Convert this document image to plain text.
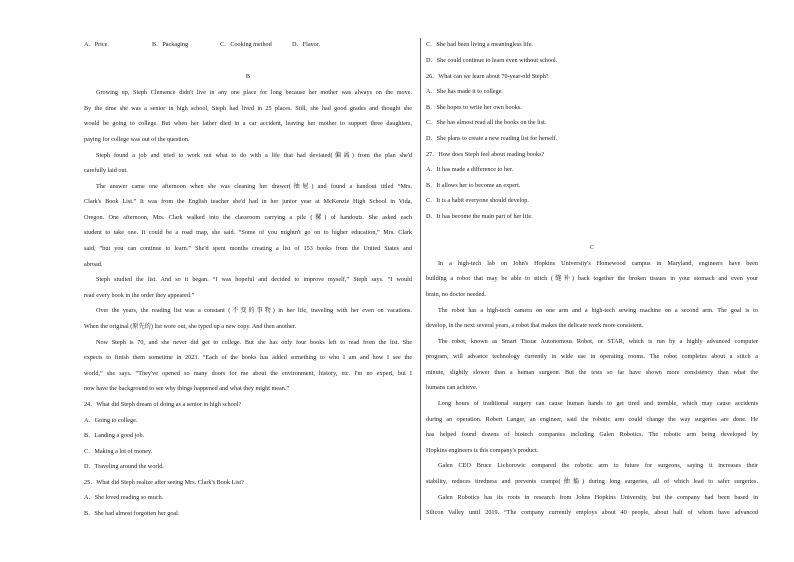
A．Price.	B．Packaging	C．Cooking method	D．Flavor.
B
Growing up, Steph Clemence didn't live in any one place for long because her mother was always on the move.
By the time she was a senior in high school, Steph had lived in 25 places. Still, she had good grades and thought she
would be going to college. But when her father died in a car accident, leaving her mother to support three daughters,
paying for college was out of the question.
Steph found a job and tried to work out what to do with a life that had deviated(偏离) from the plan she'd
carefully laid out.
The answer came one afternoon when she was cleaning her drawer(抽屉) and found a handout titled “Mrs.
Clark's Book List.” It was from the English teacher she'd had in her junior year at McKenzie High School in Vida,
Oregon. One afternoon, Mrs. Clark walked into the classroom carrying a pile (摞) of handouts. She asked each
student to take one. It could be a road map, she said. “Some of you mightn't go on to higher education,” Mrs. Clark
said, “but you can continue to learn.” She'd spent months creating a list of 153 books from the United States and
abroad.
Steph studied the list. And so it began. “I was hopeful and decided to improve myself,” Steph says. “I would
read every book in the order they appeared.”
Over the years, the reading list was a constant (不变的事物) in her life, traveling with her even on vacations.
When the original (原先的) list wore out, she typed up a new copy. And then another.
Now Steph is 70, and she never did get to college. But she has only four books left to read from the list. She
expects to finish them sometime in 2023. “Each of the books has added something to who I am and how I see the
world,” she says. “They've opened so many doors for me about the environment, history, etc. I'm no expert, but I
now have the background to see why things happened and what they might mean.”
24．What did Steph dream of doing as a senior in high school?
A．Going to college.
B．Landing a good job.
C．Making a lot of money.
D．Traveling around the world.
25．What did Steph realize after seeing Mrs. Clark's Book List?
A．She loved reading so much.
B．She had almost forgotten her goal.
C．She had been living a meaningless life.
D．She could continue to learn even without school.
26．What can we learn about 70-year-old Steph?
A．She has made it to college.
B．She hopes to write her own books.
C．She has almost read all the books on the list.
D．She plans to create a new reading list for herself.
27．How does Steph feel about reading books?
A．It has made a difference to her.
B．It allows her to become an expert.
C．It is a habit everyone should develop.
D．It has become the main part of her life.
C
In a high-tech lab on John's Hopkins University's Homewood campus in Maryland, engineers have been
building a robot that may be able to stitch (缝补) back together the broken tissues in your stomach and even your
brain, no doctor needed.
The robot has a high-tech camera on one arm and a high-tech sewing machine on a second arm. The goal is to
develop, in the next several years, a robot that makes the delicate work more consistent.
The robot, known as Smart Tissue Autonomous Robot, or STAR, which is run by a highly advanced computer
program, will advance technology currently in wide use in operating rooms. The robot completes about a stitch a
minute, slightly slower than a human surgeon. But the tests so far have shown more consistency than what the
humans can achieve.
Long hours of traditional surgery can cause human hands to get tired and tremble, which may cause accidents
during an operation. Robert Langer, an engineer, said the robotic arm could change the way surgeries are done. He
has helped found dozens of biotech companies including Galen Robotics. The robotic arm being developed by
Hopkins engineers is this company's product.
Galen CEO Bruce Lichorowic compared the robotic arm to future for surgeons, saying it increases their
stability, reduces tiredness and prevents cramps(抽搐) during long surgeries, all of which lead to safer surgeries.
Galen Robotics has its roots in research from Johns Hopkins University, but the company had been based in
Silicon Valley until 2019. “The company currently employs about 40 people, about half of whom have advanced
